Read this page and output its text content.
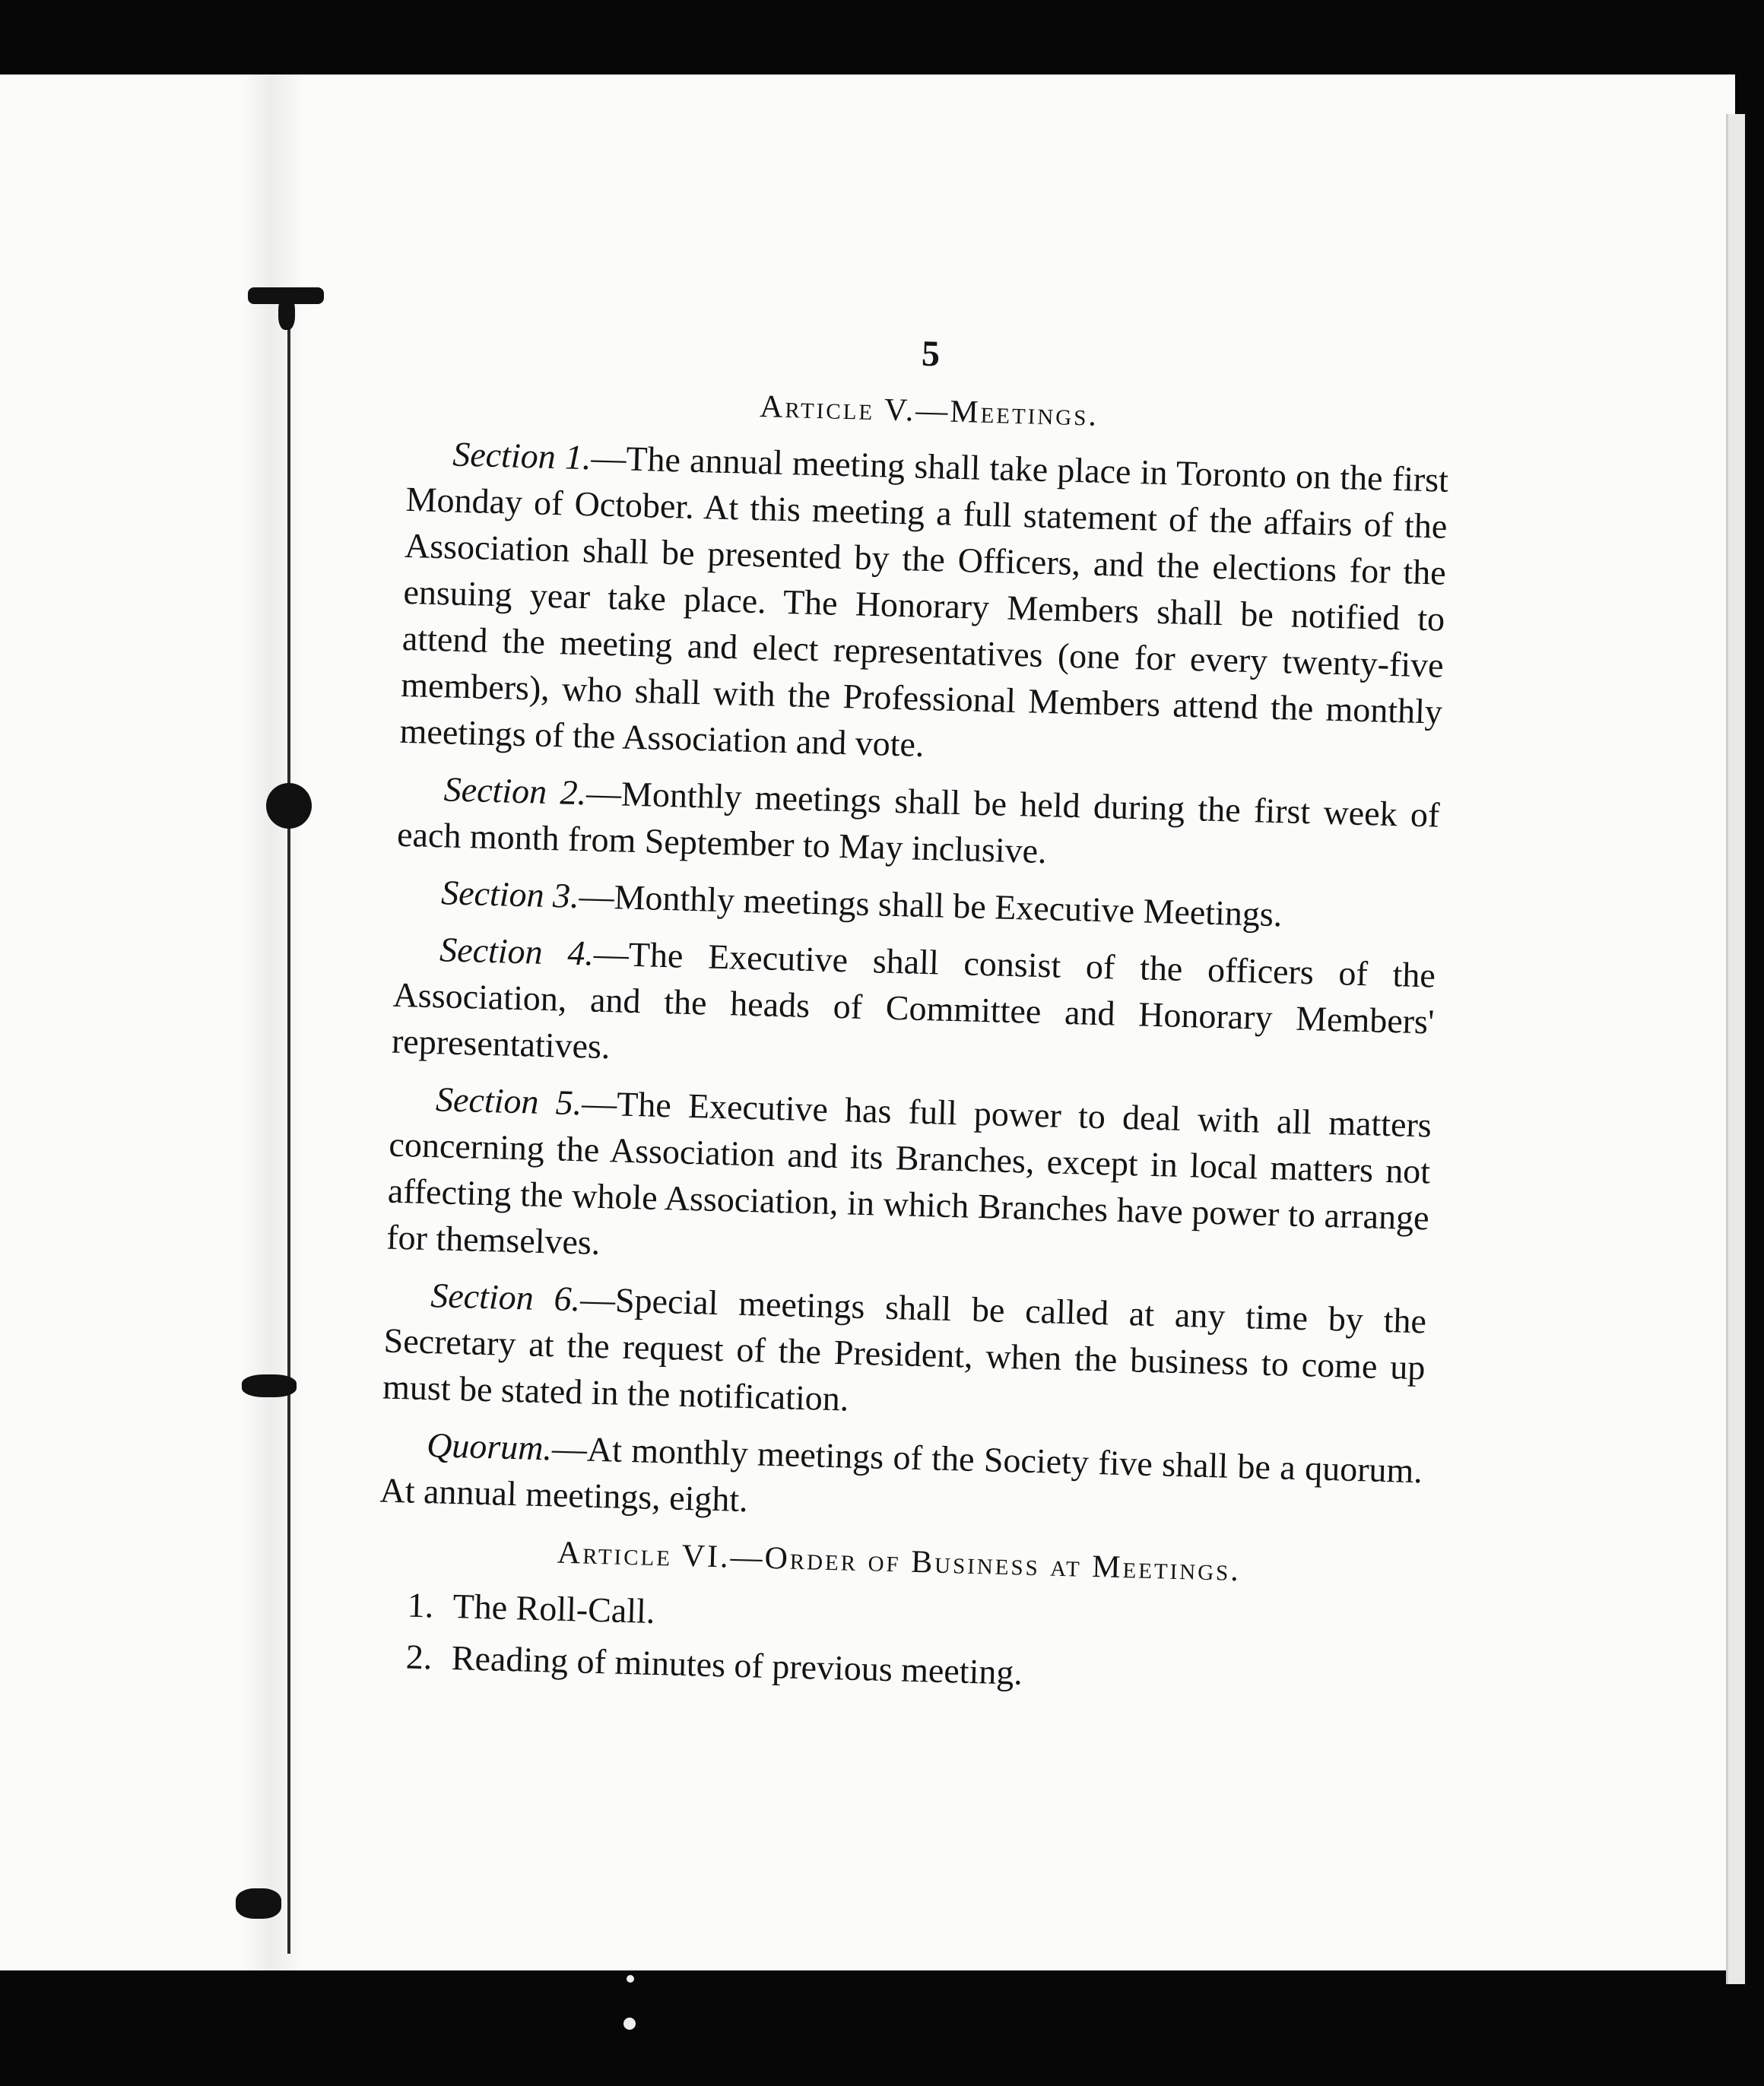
5
Article V.—Meetings.

Section 1.—The annual meeting shall take place in Toronto on the first Monday of October. At this meeting a full statement of the affairs of the Association shall be presented by the Officers, and the elections for the ensuing year take place. The Honorary Members shall be notified to attend the meeting and elect representatives (one for every twenty-five members), who shall with the Professional Members attend the monthly meetings of the Association and vote.

Section 2.—Monthly meetings shall be held during the first week of each month from September to May inclusive.

Section 3.—Monthly meetings shall be Executive Meetings.

Section 4.—The Executive shall consist of the officers of the Association, and the heads of Committee and Honorary Members' representatives.

Section 5.—The Executive has full power to deal with all matters concerning the Association and its Branches, except in local matters not affecting the whole Association, in which Branches have power to arrange for themselves.

Section 6.—Special meetings shall be called at any time by the Secretary at the request of the President, when the business to come up must be stated in the notification.

Quorum.—At monthly meetings of the Society five shall be a quorum. At annual meetings, eight.

Article VI.—Order of Business at Meetings.
1. The Roll-Call.
2. Reading of minutes of previous meeting.
